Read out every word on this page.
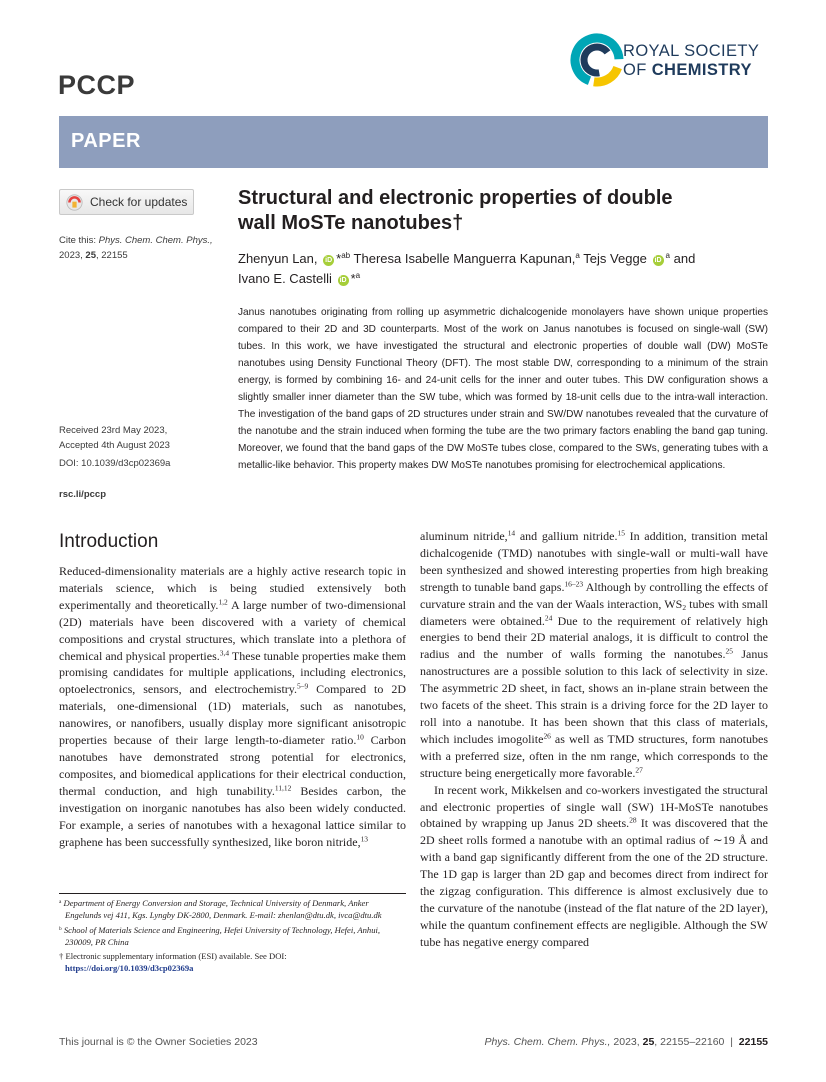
PCCP
ROYAL SOCIETY
OF CHEMISTRY
PAPER
Check for updates
Cite this: Phys. Chem. Chem. Phys.,
2023, 25, 22155
Received 23rd May 2023,
Accepted 4th August 2023
DOI: 10.1039/d3cp02369a
rsc.li/pccp
Structural and electronic properties of double
wall MoSTe nanotubes†
Zhenyun Lan, iD *$^{ab}$ Theresa Isabelle Manguerra Kapunan,$^a$ Tejs Vegge $iD^a$ and
Ivano E. Castelli iD *$^a$
Janus nanotubes originating from rolling up asymmetric dichalcogenide monolayers have shown unique properties compared to their 2D and 3D counterparts. Most of the work on Janus nanotubes is focused on single-wall (SW) tubes. In this work, we have investigated the structural and electronic properties of double wall (DW) MoSTe nanotubes using Density Functional Theory (DFT). The most stable DW, corresponding to a minimum of the strain energy, is formed by combining 16- and 24-unit cells for the inner and outer tubes. This DW configuration shows a slightly smaller inner diameter than the SW tube, which was formed by 18-unit cells due to the intra-wall interaction. The investigation of the band gaps of 2D structures under strain and SW/DW nanotubes revealed that the curvature of the nanotube and the strain induced when forming the tube are the two primary factors enabling the band gap tuning. Moreover, we found that the band gaps of the DW MoSTe tubes close, compared to the SWs, generating tubes with a metallic-like behavior. This property makes DW MoSTe nanotubes promising for electrochemical applications.
Introduction

Reduced-dimensionality materials are a highly active research topic in materials science, which is being studied extensively both experimentally and theoretically.$^{1,2}$ A large number of two-dimensional (2D) materials have been discovered with a variety of chemical compositions and crystal structures, which translate into a plethora of chemical and physical properties.$^{3,4}$ These tunable properties make them promising candidates for multiple applications, including electronics, optoelectronics, sensors, and electrochemistry.$^{5-9}$ Compared to 2D materials, one-dimensional (1D) materials, such as nanotubes, nanowires, or nanofibers, usually display more significant anisotropic properties because of their large length-to-diameter ratio.$^{10}$ Carbon nanotubes have demonstrated strong potential for electronics, composites, and biomedical applications for their electrical conduction, thermal conduction, and high tunability.$^{11,12}$ Besides carbon, the investigation on inorganic nanotubes has also been widely conducted. For example, a series of nanotubes with a hexagonal lattice similar to graphene has been successfully synthesized, like boron nitride,$^{13}$

aluminum nitride,$^{14}$ and gallium nitride.$^{15}$ In addition, transition metal dichalcogenide (TMD) nanotubes with single-wall or multi-wall have been synthesized and showed interesting properties from high breaking strength to tunable band gaps.$^{16-23}$ Although by controlling the effects of curvature strain and the van der Waals interaction, $WS_2$ tubes with small diameters were obtained.$^{24}$ Due to the requirement of relatively high energies to bend their 2D material analogs, it is difficult to control the radius and the number of walls forming the nanotubes.$^{25}$ Janus nanostructures are a possible solution to this lack of selectivity in size. The asymmetric 2D sheet, in fact, shows an in-plane strain between the two facets of the sheet. This strain is a driving force for the 2D layer to roll into a nanotube. It has been shown that this class of materials, which includes imogolite$^{26}$ as well as TMD structures, form nanotubes with a preferred size, often in the nm range, which corresponds to the structure being energetically more favorable.$^{27}$

In recent work, Mikkelsen and co-workers investigated the structural and electronic properties of single wall (SW) 1H-MoSTe nanotubes obtained by wrapping up Janus 2D sheets.$^{28}$ It was discovered that the 2D sheet rolls formed a nanotube with an optimal radius of ∼19 Å and with a band gap significantly different from the one of the 2D structure. The 1D gap is larger than 2D gap and becomes direct from indirect for the zigzag configuration. This difference is almost exclusively due to the curvature of the nanotube (instead of the flat nature of the 2D layer), while the quantum confinement effects are negligible. Although the SW tube has negative energy compared

$^a$ Department of Energy Conversion and Storage, Technical University of Denmark, Anker Engelunds vej 411, Kgs. Lyngby DK-2800, Denmark. E-mail: zhenlan@dtu.dk, ivca@dtu.dk
$^b$ School of Materials Science and Engineering, Hefei University of Technology, Hefei, Anhui, 230009, PR China
† Electronic supplementary information (ESI) available. See DOI: https://doi.org/10.1039/d3cp02369a
This journal is © the Owner Societies 2023	Phys. Chem. Chem. Phys., 2023, 25, 22155–22160 | 22155
